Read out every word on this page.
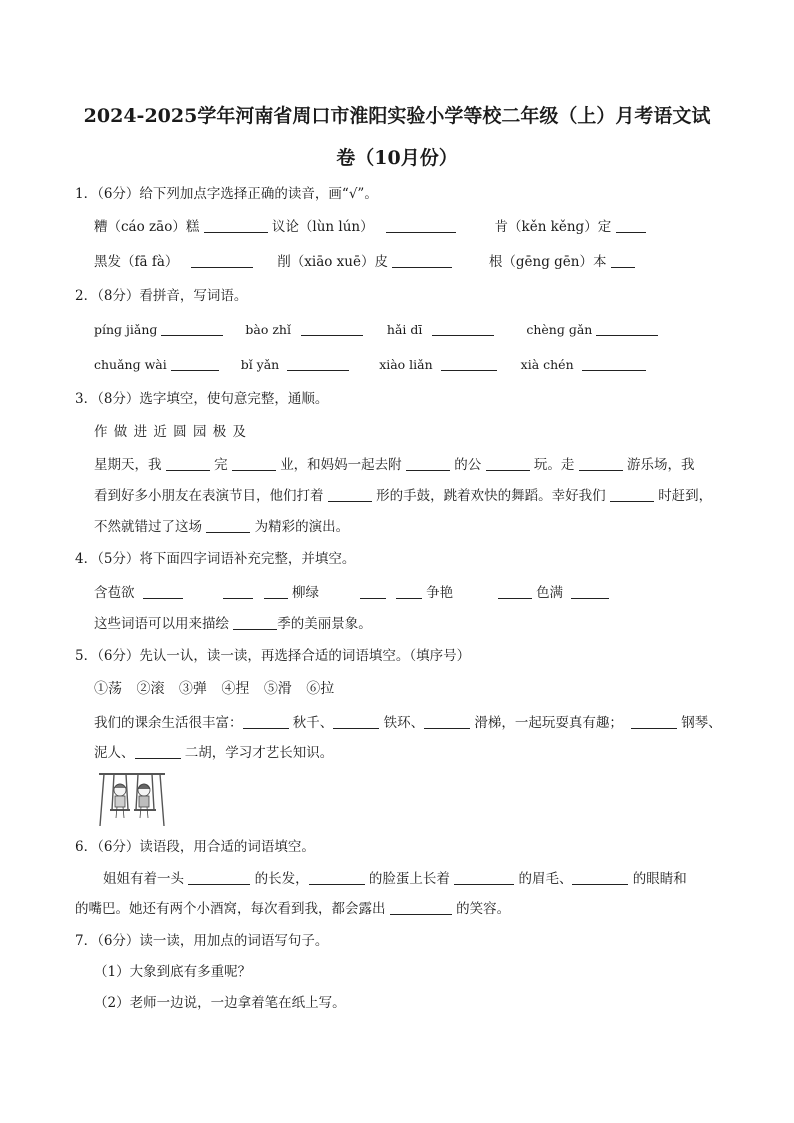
2024-2025学年河南省周口市淮阳实验小学等校二年级（上）月考语文试
卷（10月份）
1．（6分）给下列加点字选择正确的读音，画“√”。
糟（cáo zāo）糕	议论（lùn lún）	肯（kěn kěng）定
黑发（fā fà）	削（xiāo xuē）皮	根（gēng gēn）本
2．（8分）看拼音，写词语。
pínɡ jiǎnɡ	bào zhǐ	hǎi dī	chènɡ ɡǎn
chuǎnɡ wài	bǐ yǎn	xiào liǎn	xià chén
3．（8分）选字填空，使句意完整，通顺。
作 做 进 近 圆 园 极 及
星期天，我	完	业，和妈妈一起去附	的公	玩。走	游乐场，我
看到好多小朋友在表演节目，他们打着	形的手鼓，跳着欢快的舞蹈。幸好我们	时赶到，
不然就错过了这场	为精彩的演出。
4．（5分）将下面四字词语补充完整，并填空。
含苞欲	柳绿	争艳	色满
这些词语可以用来描绘	季的美丽景象。
5．（6分）先认一认，读一读，再选择合适的词语填空。（填序号）
①荡 ②滚 ③弹 ④捏 ⑤滑 ⑥拉
我们的课余生活很丰富：	秋千、	铁环、	滑梯，一起玩耍真有趣；	钢琴、
泥人、	二胡，学习才艺长知识。
6．（6分）读语段，用合适的词语填空。
姐姐有着一头	的长发，	的脸蛋上长着	的眉毛、	的眼睛和
的嘴巴。她还有两个小酒窝，每次看到我，都会露出	的笑容。
7．（6分）读一读，用加点的词语写句子。
（1）大象到底有多重呢？
（2）老师一边说，一边拿着笔在纸上写。
